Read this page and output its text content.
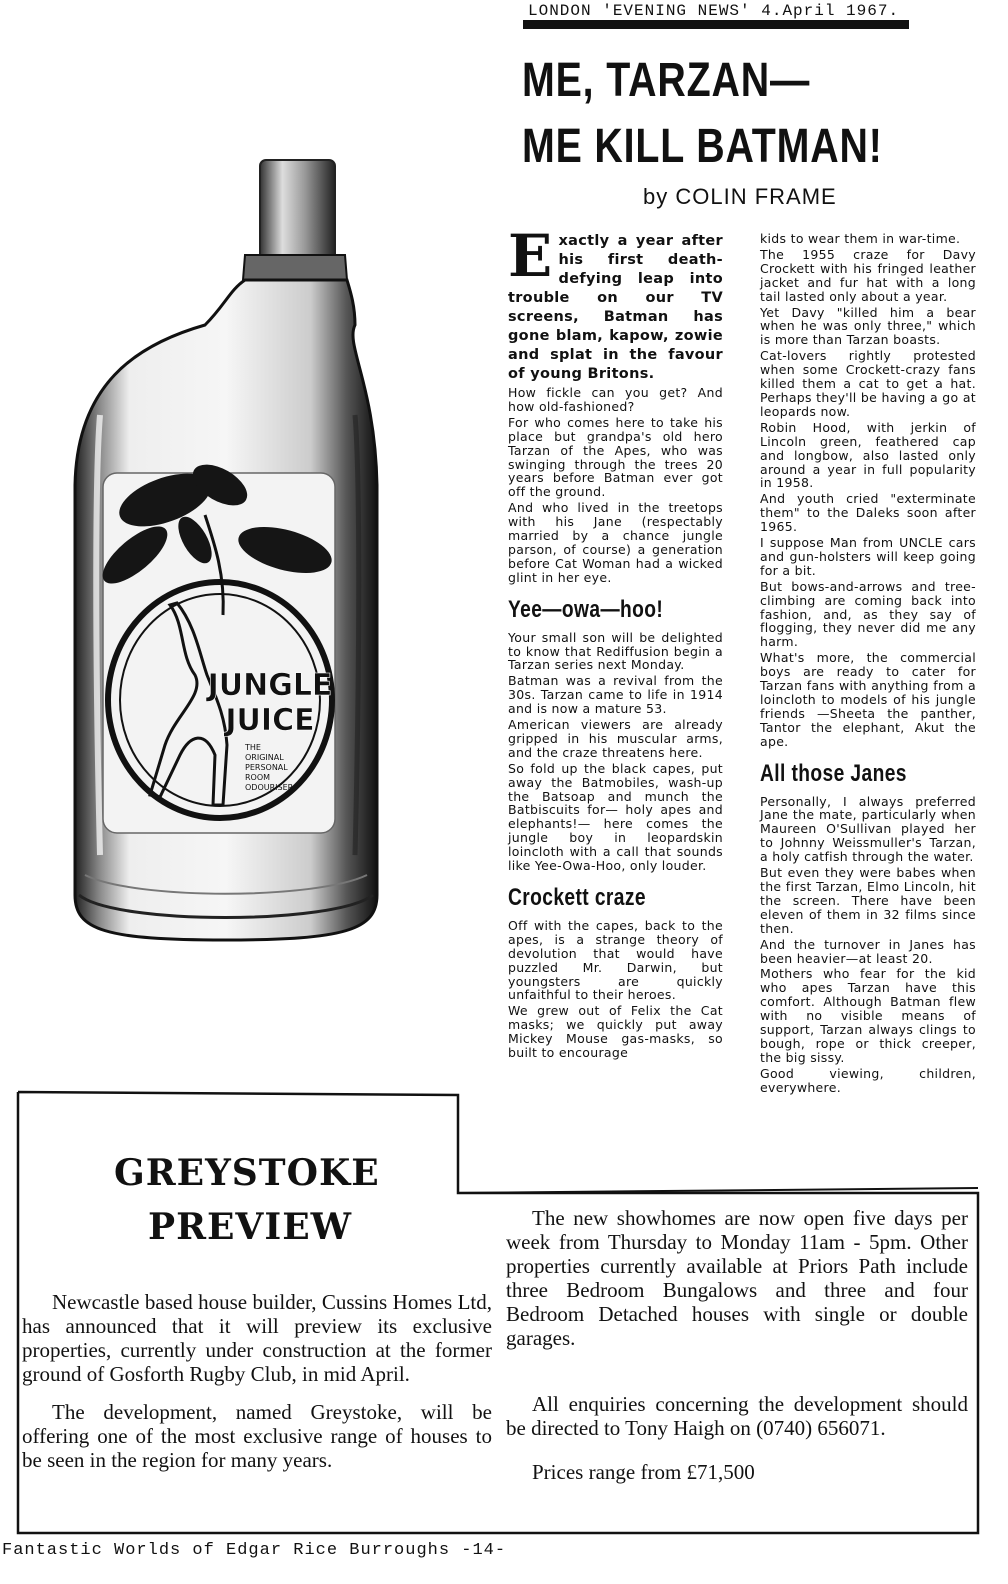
LONDON 'EVENING NEWS' 4.April 1967.
ME, TARZAN—
ME KILL BATMAN!
by COLIN FRAME
JUNGLE
JUICE
THE
ORIGINAL
PERSONAL
ROOM
ODOURISER

Exactly a year after his first death-defying leap into trouble on our TV screens, Batman has gone blam, kapow, zowie and splat in the favour of young Britons.

How fickle can you get? And how old-fashioned?

For who comes here to take his place but grandpa's old hero Tarzan of the Apes, who was swinging through the trees 20 years before Batman ever got off the ground.

And who lived in the treetops with his Jane (respectably married by a chance jungle parson, of course) a generation before Cat Woman had a wicked glint in her eye.

Yee—owa—hoo!

Your small son will be delighted to know that Rediffusion begin a Tarzan series next Monday.

Batman was a revival from the 30s. Tarzan came to life in 1914 and is now a mature 53.

American viewers are already gripped in his muscular arms, and the craze threatens here.

So fold up the black capes, put away the Batmobiles, wash-up the Batsoap and munch the Batbiscuits for— holy apes and elephants!— here comes the jungle boy in leopardskin loincloth with a call that sounds like Yee-Owa-Hoo, only louder.

Crockett craze

Off with the capes, back to the apes, is a strange theory of devolution that would have puzzled Mr. Darwin, but youngsters are quickly unfaithful to their heroes.

We grew out of Felix the Cat masks; we quickly put away Mickey Mouse gas-masks, so built to encourage

kids to wear them in war-time.

The 1955 craze for Davy Crockett with his fringed leather jacket and fur hat with a long tail lasted only about a year.

Yet Davy "killed him a bear when he was only three," which is more than Tarzan boasts.

Cat-lovers rightly protested when some Crockett-crazy fans killed them a cat to get a hat. Perhaps they'll be having a go at leopards now.

Robin Hood, with jerkin of Lincoln green, feathered cap and longbow, also lasted only around a year in full popularity in 1958.

And youth cried "exterminate them" to the Daleks soon after 1965.

I suppose Man from UNCLE cars and gun-holsters will keep going for a bit.

But bows-and-arrows and tree-climbing are coming back into fashion, and, as they say of flogging, they never did me any harm.

What's more, the commercial boys are ready to cater for Tarzan fans with anything from a loincloth to models of his jungle friends —Sheeta the panther, Tantor the elephant, Akut the ape.

All those Janes

Personally, I always preferred Jane the mate, particularly when Maureen O'Sullivan played her to Johnny Weissmuller's Tarzan, a holy catfish through the water.

But even they were babes when the first Tarzan, Elmo Lincoln, hit the screen. There have been eleven of them in 32 films since then.

And the turnover in Janes has been heavier—at least 20.

Mothers who fear for the kid who apes Tarzan have this comfort. Although Batman flew with no visible means of support, Tarzan always clings to bough, rope or thick creeper, the big sissy.

Good viewing, children, everywhere.

GREYSTOKE
PREVIEW

Newcastle based house builder, Cussins Homes Ltd, has announced that it will preview its exclusive properties, currently under construction at the former ground of Gosforth Rugby Club, in mid April.

The development, named Greystoke, will be offering one of the most exclusive range of houses to be seen in the region for many years.

The new showhomes are now open five days per week from Thursday to Monday 11am - 5pm. Other properties currently available at Priors Path include three Bedroom Bungalows and three and four Bedroom Detached houses with single or double garages.

All enquiries concerning the development should be directed to Tony Haigh on (0740) 656071.

Prices range from £71,500

Fantastic Worlds of Edgar Rice Burroughs -14-
